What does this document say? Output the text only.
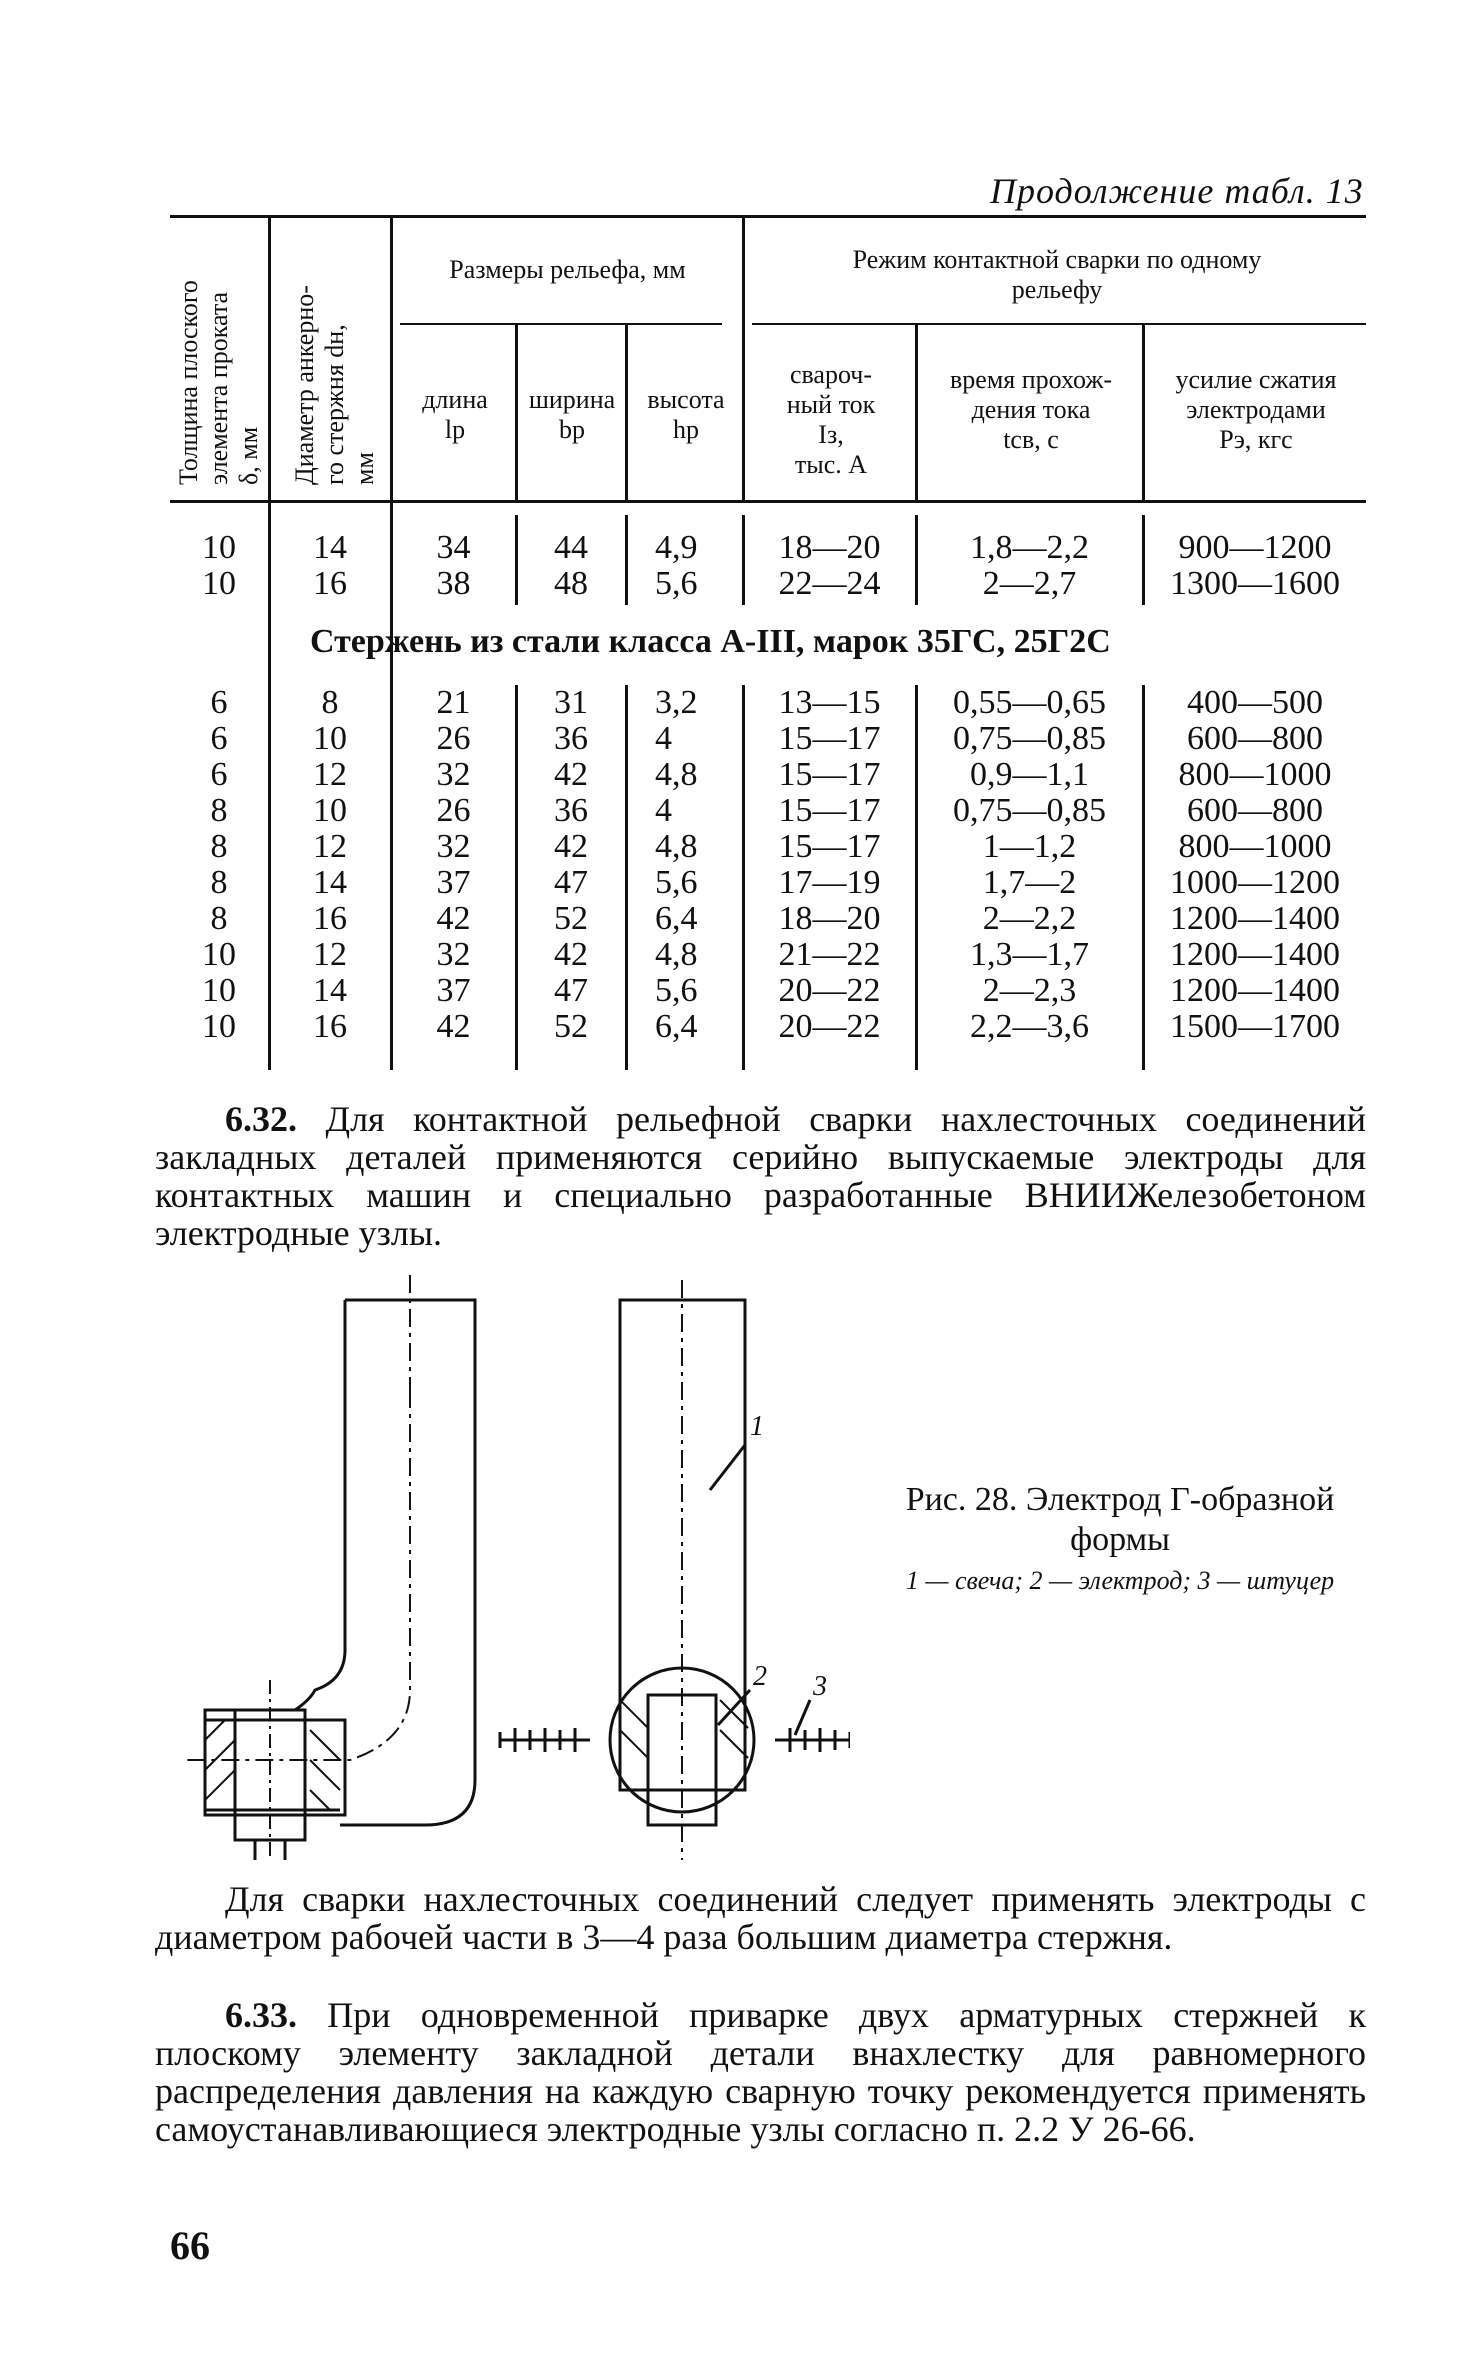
Продолжение табл. 13
Толщина плоского элемента проката δ, мм Диаметр анкерно- го стержня dн, мм
Размеры рельефа, мм	Режим контактной сварки по одному
рельефу
длина
lр
ширина
bр
высота
hр
свароч-
ный ток
Iз,
тыс. А
время прохож-
дения тока
tсв, с
усилие сжатия
электродами
Pэ, кгс
10
10
14
16
34
38
44
48
4,9
5,6
18—20
22—24
1,8—2,2
2—2,7
900—1200
1300—1600
Стержень из стали класса А-III, марок 35ГС, 25Г2С
6
6
6
8
8
8
8
10
10
10
8
10
12
10
12
14
16
12
14
16
21
26
32
26
32
37
42
32
37
42
31
36
42
36
42
47
52
42
47
52
3,2
4
4,8
4
4,8
5,6
6,4
4,8
5,6
6,4
13—15
15—17
15—17
15—17
15—17
17—19
18—20
21—22
20—22
20—22
0,55—0,65
0,75—0,85
0,9—1,1
0,75—0,85
1—1,2
1,7—2
2—2,2
1,3—1,7
2—2,3
2,2—3,6
400—500
600—800
800—1000
600—800
800—1000
1000—1200
1200—1400
1200—1400
1200—1400
1500—1700
6.32. Для контактной рельефной сварки нахлесточных соединений закладных деталей применяются серийно выпускаемые электроды для контактных машин и специально разработанные ВНИИЖелезобетоном электродные узлы.
1
2 3
Рис. 28. Электрод Г-образной формы
1 — свеча; 2 — электрод; 3 — штуцер
Для сварки нахлесточных соединений следует применять электроды с диаметром рабочей части в 3—4 раза большим диаметра стержня.
6.33. При одновременной приварке двух арматурных стержней к плоскому элементу закладной детали внахлестку для равномерного распределения давления на каждую сварную точку рекомендуется применять самоустанавливающиеся электродные узлы согласно п. 2.2 У 26-66.
66
